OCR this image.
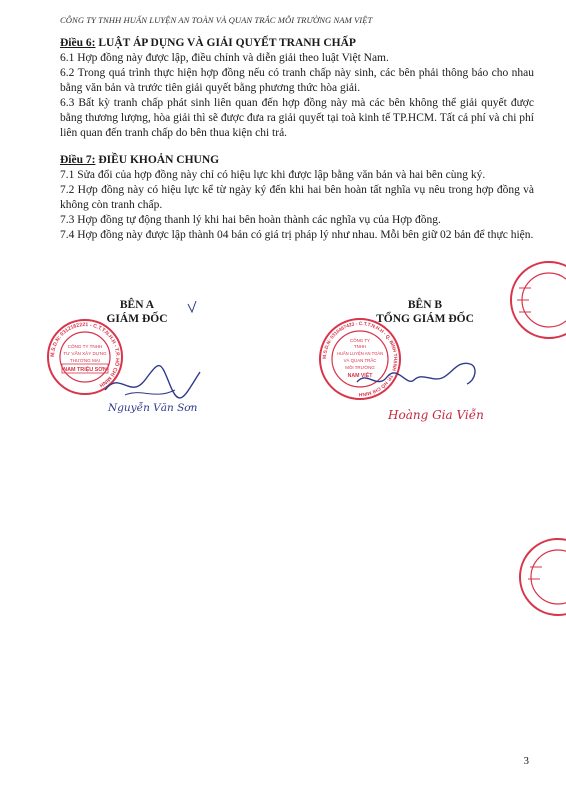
CÔNG TY TNHH HUẤN LUYỆN AN TOÀN VÀ QUAN TRẮC MÔI TRƯỜNG NAM VIỆT

Điều 6: LUẬT ÁP DỤNG VÀ GIẢI QUYẾT TRANH CHẤP

6.1 Hợp đồng này được lập, điều chỉnh và diễn giải theo luật Việt Nam.

6.2 Trong quá trình thực hiện hợp đồng nếu có tranh chấp này sinh, các bên phải thông báo cho nhau bằng văn bản và trước tiên giải quyết bằng phương thức hòa giải.

6.3 Bất kỳ tranh chấp phát sinh liên quan đến hợp đồng này mà các bên không thể giải quyết được bằng thương lượng, hòa giải thì sẽ được đưa ra giải quyết tại toà kinh tế TP.HCM. Tất cả phí và chi phí liên quan đến tranh chấp do bên thua kiện chi trả.

Điều 7: ĐIỀU KHOẢN CHUNG

7.1 Sửa đổi của hợp đồng này chỉ có hiệu lực khi được lập bằng văn bản và hai bên cùng ký.

7.2 Hợp đồng này có hiệu lực kể từ ngày ký đến khi hai bên hoàn tất nghĩa vụ nêu trong hợp đồng và không còn tranh chấp.

7.3 Hợp đồng tự động thanh lý khi hai bên hoàn thành các nghĩa vụ của Hợp đồng.

7.4 Hợp đồng này được lập thành 04 bản có giá trị pháp lý như nhau. Mỗi bên giữ 02 bản để thực hiện.

BÊN A
GIÁM ĐỐC
M.S.D.N: 0312162221 - C.T.T.N.H.H - T.P. HỒ CHÍ MINH
CÔNG TY TNHH
TƯ VẤN XÂY DỰNG
THƯƠNG MẠI
NAM TRIỆU SƠN
Nguyễn Văn Sơn
BÊN B
TỔNG GIÁM ĐỐC
M.S.D.N: 0316467423 - C.T.T.N.H.H - Q. BÌNH THẠNH - TP. HỒ CHÍ MINH
CÔNG TY
TNHH
HUẤN LUYỆN AN TOÀN
VÀ QUAN TRẮC
MÔI TRƯỜNG
NAM VIỆT
Hoàng Gia Viễn
3
